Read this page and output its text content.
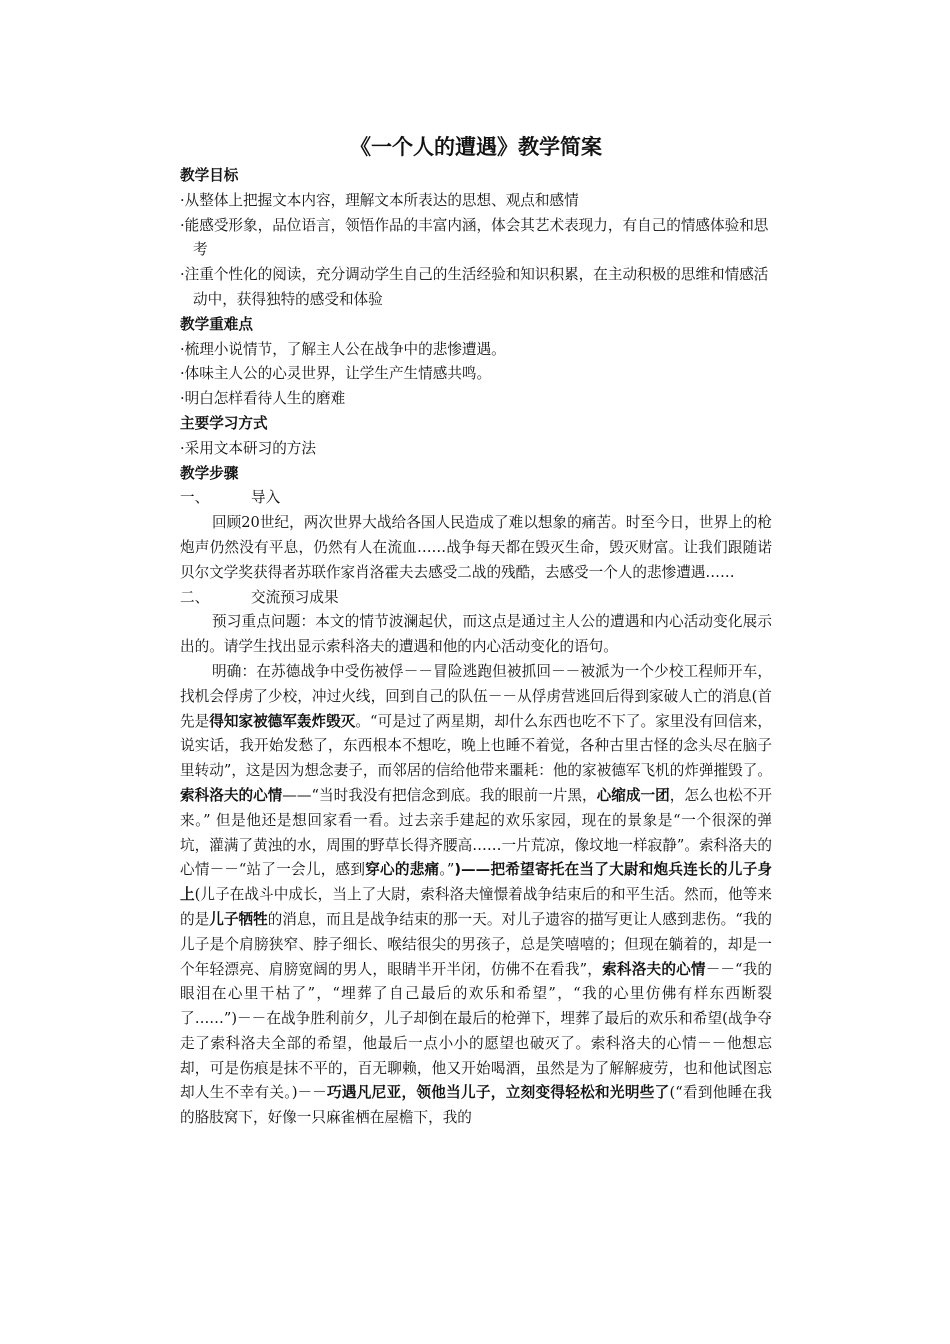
《一个人的遭遇》教学简案
教学目标
·从整体上把握文本内容，理解文本所表达的思想、观点和感情
·能感受形象，品位语言，领悟作品的丰富内涵，体会其艺术表现力，有自己的情感体验和思考
·注重个性化的阅读，充分调动学生自己的生活经验和知识积累，在主动积极的思维和情感活动中，获得独特的感受和体验
教学重难点
·梳理小说情节，了解主人公在战争中的悲惨遭遇。
·体味主人公的心灵世界，让学生产生情感共鸣。
·明白怎样看待人生的磨难
主要学习方式
·采用文本研习的方法
教学步骤
一、	导入
回顾20世纪，两次世界大战给各国人民造成了难以想象的痛苦。时至今日，世界上的枪炮声仍然没有平息，仍然有人在流血……战争每天都在毁灭生命，毁灭财富。让我们跟随诺贝尔文学奖获得者苏联作家肖洛霍夫去感受二战的残酷，去感受一个人的悲惨遭遇……
二、	交流预习成果
预习重点问题：本文的情节波澜起伏，而这点是通过主人公的遭遇和内心活动变化展示出的。请学生找出显示索科洛夫的遭遇和他的内心活动变化的语句。
明确：在苏德战争中受伤被俘－－冒险逃跑但被抓回－－被派为一个少校工程师开车，找机会俘虏了少校，冲过火线，回到自己的队伍－－从俘虏营逃回后得到家破人亡的消息(首先是得知家被德军轰炸毁灭。“可是过了两星期，却什么东西也吃不下了。家里没有回信来，说实话，我开始发愁了，东西根本不想吃，晚上也睡不着觉，各种古里古怪的念头尽在脑子里转动”，这是因为想念妻子，而邻居的信给他带来噩耗：他的家被德军飞机的炸弹摧毁了。索科洛夫的心情——“当时我没有把信念到底。我的眼前一片黑，心缩成一团，怎么也松不开来。” 但是他还是想回家看一看。过去亲手建起的欢乐家园，现在的景象是“一个很深的弹坑，灌满了黄浊的水，周围的野草长得齐腰高……一片荒凉，像坟地一样寂静”。索科洛夫的心情－－“站了一会儿，感到穿心的悲痛。”)——把希望寄托在当了大尉和炮兵连长的儿子身上(儿子在战斗中成长，当上了大尉，索科洛夫憧憬着战争结束后的和平生活。然而，他等来的是儿子牺牲的消息，而且是战争结束的那一天。对儿子遗容的描写更让人感到悲伤。“我的儿子是个肩膀狭窄、脖子细长、喉结很尖的男孩子，总是笑嘻嘻的；但现在躺着的，却是一个年轻漂亮、肩膀宽阔的男人，眼睛半开半闭，仿佛不在看我”，索科洛夫的心情－－“我的眼泪在心里干枯了”，“埋葬了自己最后的欢乐和希望”，“我的心里仿佛有样东西断裂了……”)－－在战争胜利前夕，儿子却倒在最后的枪弹下，埋葬了最后的欢乐和希望(战争夺走了索科洛夫全部的希望，他最后一点小小的愿望也破灭了。索科洛夫的心情－－他想忘却，可是伤痕是抹不平的，百无聊赖，他又开始喝酒，虽然是为了解解疲劳，也和他试图忘却人生不幸有关。)－－巧遇凡尼亚，领他当儿子，立刻变得轻松和光明些了(“看到他睡在我的胳肢窝下，好像一只麻雀栖在屋檐下，我的
